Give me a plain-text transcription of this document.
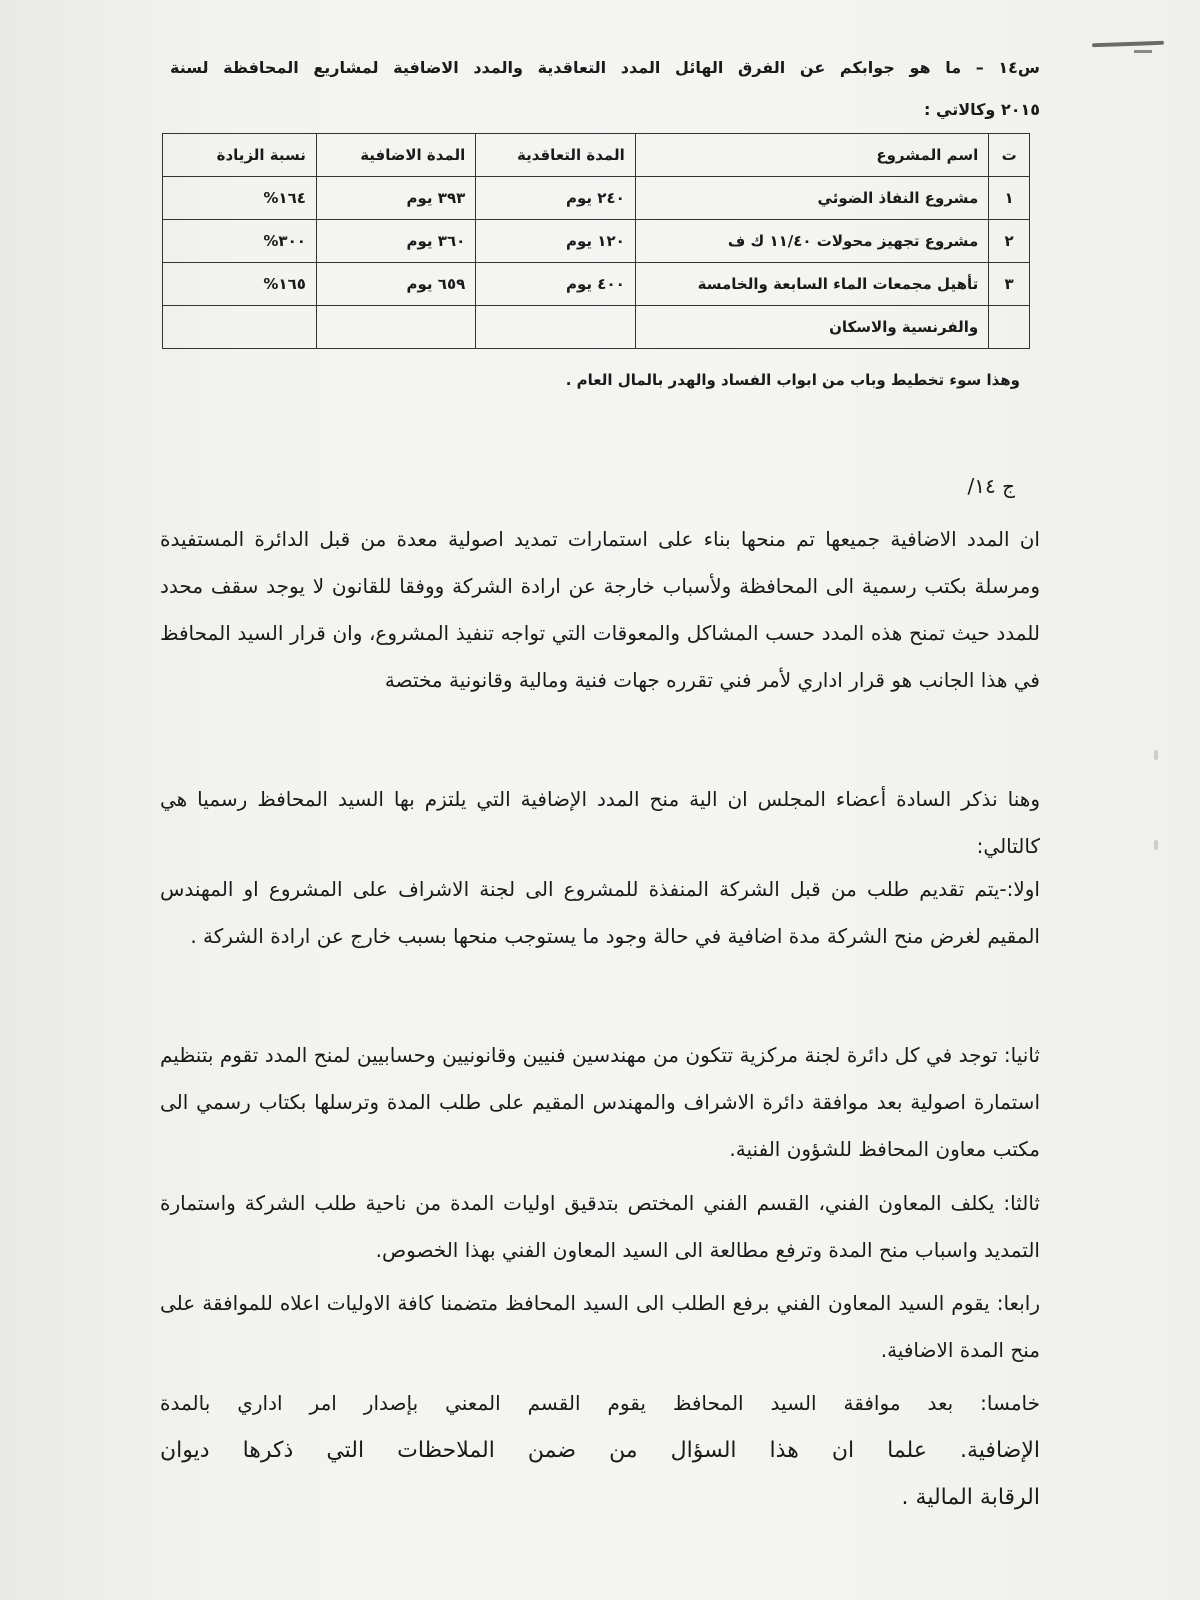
س١٤ – ما هو جوابكم عن الفرق الهائل المدد التعاقدية والمدد الاضافية لمشاريع المحافظة لسنة
٢٠١٥ وكالاتي :
ت	اسم المشروع	المدة التعاقدية	المدة الاضافية	نسبة الزيادة
١	مشروع النفاذ الضوئي	٢٤٠ يوم	٣٩٣ يوم	١٦٤%
٢	مشروع تجهيز محولات ١١/٤٠ ك ف	١٢٠ يوم	٣٦٠ يوم	٣٠٠%
٣	تأهيل مجمعات الماء السابعة والخامسة	٤٠٠ يوم	٦٥٩ يوم	١٦٥%
	والفرنسية والاسكان			
وهذا سوء تخطيط وباب من ابواب الفساد والهدر بالمال العام .
ج ١٤/
ان المدد الاضافية جميعها تم منحها بناء على استمارات تمديد اصولية معدة من قبل الدائرة المستفيدة ومرسلة بكتب رسمية الى المحافظة ولأسباب خارجة عن ارادة الشركة ووفقا للقانون لا يوجد سقف محدد للمدد حيث تمنح هذه المدد حسب المشاكل والمعوقات التي تواجه تنفيذ المشروع، وان قرار السيد المحافظ في هذا الجانب هو قرار اداري لأمر فني تقرره جهات فنية ومالية وقانونية مختصة
وهنا نذكر السادة أعضاء المجلس ان الية منح المدد الإضافية التي يلتزم بها السيد المحافظ رسميا هي كالتالي:
اولا:-يتم تقديم طلب من قبل الشركة المنفذة للمشروع الى لجنة الاشراف على المشروع او المهندس المقيم لغرض منح الشركة مدة اضافية في حالة وجود ما يستوجب منحها بسبب خارج عن ارادة الشركة .
ثانيا: توجد في كل دائرة لجنة مركزية تتكون من مهندسين فنيين وقانونيين وحسابيين لمنح المدد تقوم بتنظيم استمارة اصولية بعد موافقة دائرة الاشراف والمهندس المقيم على طلب المدة وترسلها بكتاب رسمي الى مكتب معاون المحافظ للشؤون الفنية.
ثالثا: يكلف المعاون الفني، القسم الفني المختص بتدقيق اوليات المدة من ناحية طلب الشركة واستمارة التمديد واسباب منح المدة وترفع مطالعة الى السيد المعاون الفني بهذا الخصوص.
رابعا: يقوم السيد المعاون الفني برفع الطلب الى السيد المحافظ متضمنا كافة الاوليات اعلاه للموافقة على منح المدة الاضافية.
خامسا: بعد موافقة السيد المحافظ يقوم القسم المعني بإصدار امر اداري بالمدة
الإضافية. علما ان هذا السؤال من ضمن الملاحظات التي ذكرها ديوان
الرقابة المالية .
